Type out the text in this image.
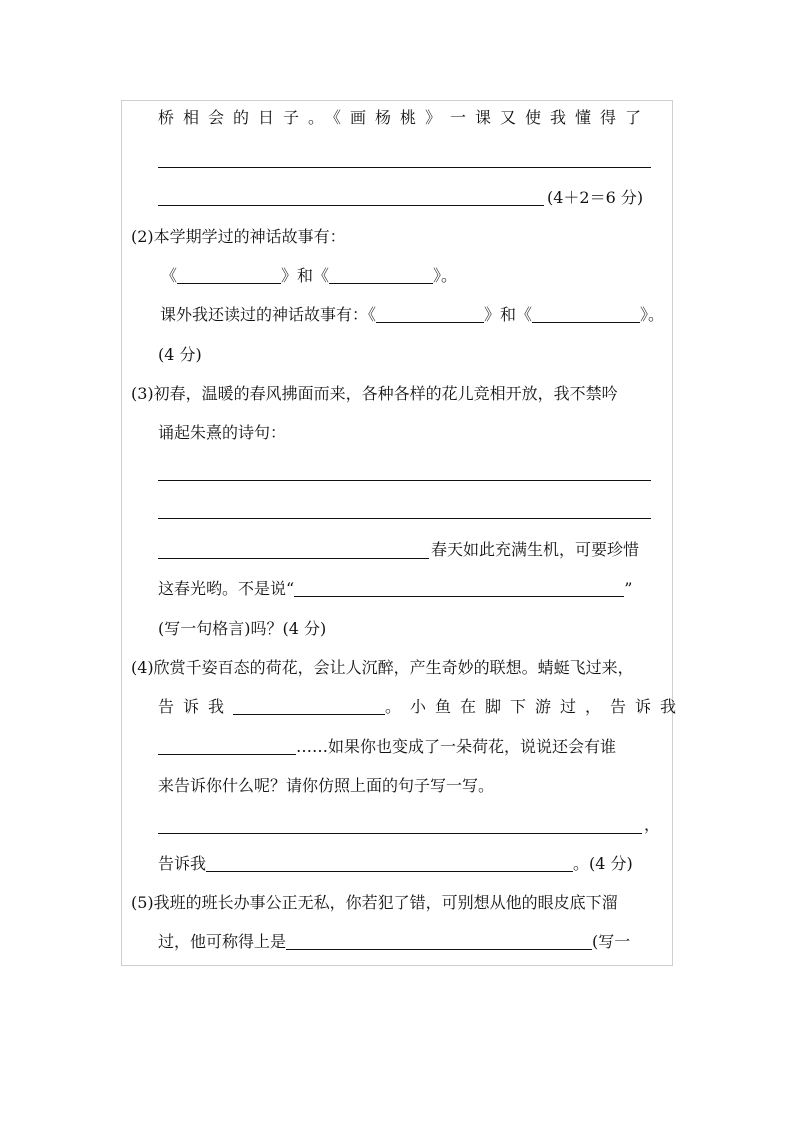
桥相会的日子。《画杨桃》一课又使我懂得了
(4＋2＝6 分)
(2)本学期学过的神话故事有：
《	》和《	》。
课外我还读过的神话故事有：《	》和《	》。
(4 分)
(3)初春，温暖的春风拂面而来，各种各样的花儿竞相开放，我不禁吟
诵起朱熹的诗句：
春天如此充满生机，可要珍惜
这春光哟。不是说“	”
(写一句格言)吗？(4 分)
(4)欣赏千姿百态的荷花，会让人沉醉，产生奇妙的联想。蜻蜓飞过来，
告诉我	。小鱼在脚下游过，告诉我
……如果你也变成了一朵荷花，说说还会有谁
来告诉你什么呢？请你仿照上面的句子写一写。
，
告诉我	。(4 分)
(5)我班的班长办事公正无私，你若犯了错，可别想从他的眼皮底下溜
过，他可称得上是	(写一
